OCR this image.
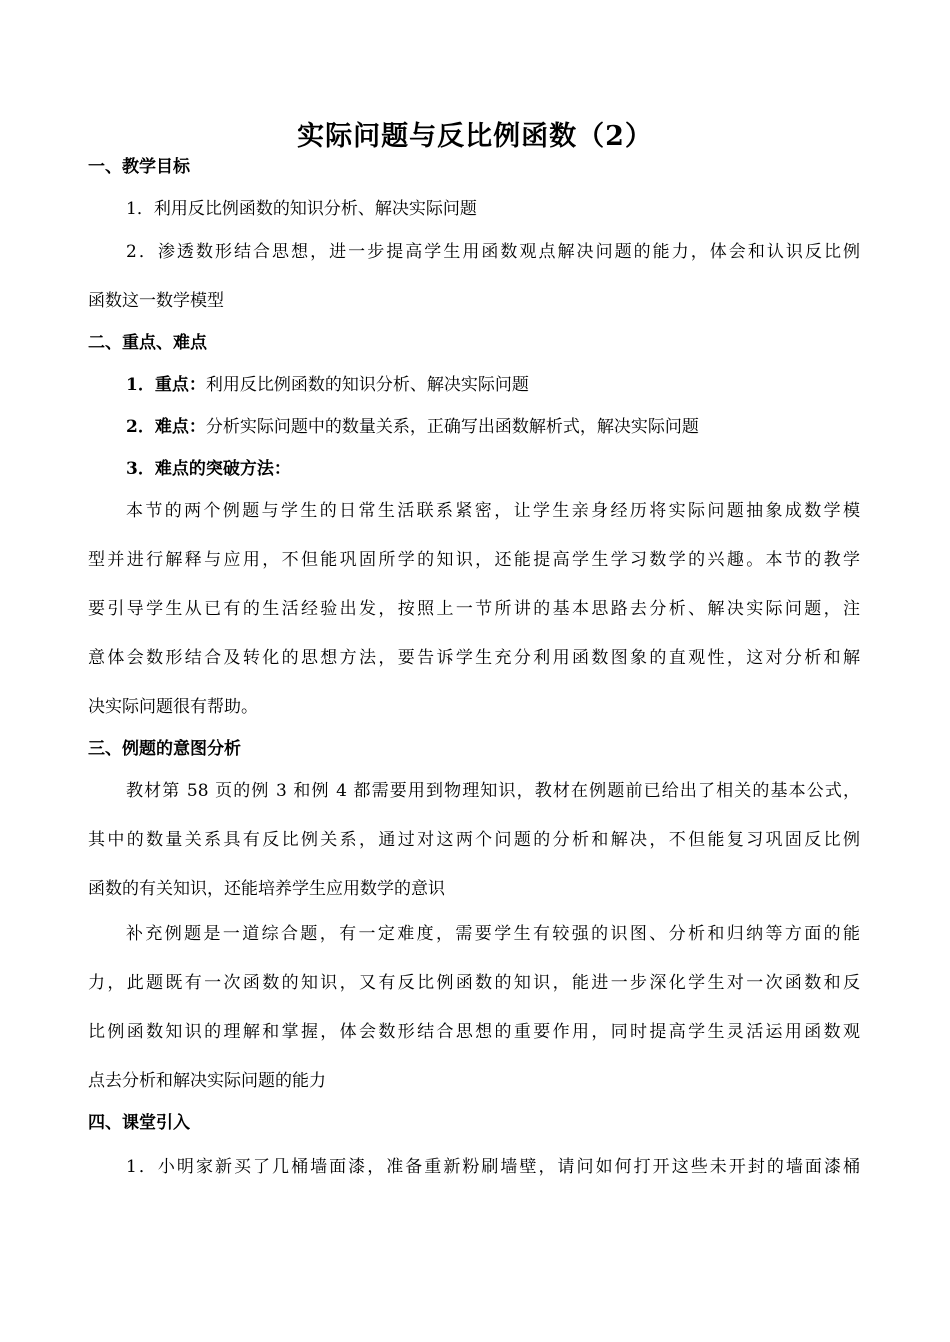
实际问题与反比例函数（2）
一、教学目标
1．利用反比例函数的知识分析、解决实际问题
2．渗透数形结合思想，进一步提高学生用函数观点解决问题的能力，体会和认识反比例
函数这一数学模型
二、重点、难点
1．重点：利用反比例函数的知识分析、解决实际问题
2．难点：分析实际问题中的数量关系，正确写出函数解析式，解决实际问题
3．难点的突破方法：
本节的两个例题与学生的日常生活联系紧密，让学生亲身经历将实际问题抽象成数学模
型并进行解释与应用，不但能巩固所学的知识，还能提高学生学习数学的兴趣。本节的教学
要引导学生从已有的生活经验出发，按照上一节所讲的基本思路去分析、解决实际问题，注
意体会数形结合及转化的思想方法，要告诉学生充分利用函数图象的直观性，这对分析和解
决实际问题很有帮助。
三、例题的意图分析
教材第 58 页的例 3 和例 4 都需要用到物理知识，教材在例题前已给出了相关的基本公式，
其中的数量关系具有反比例关系，通过对这两个问题的分析和解决，不但能复习巩固反比例
函数的有关知识，还能培养学生应用数学的意识
补充例题是一道综合题，有一定难度，需要学生有较强的识图、分析和归纳等方面的能
力，此题既有一次函数的知识，又有反比例函数的知识，能进一步深化学生对一次函数和反
比例函数知识的理解和掌握，体会数形结合思想的重要作用，同时提高学生灵活运用函数观
点去分析和解决实际问题的能力
四、课堂引入
1．小明家新买了几桶墙面漆，准备重新粉刷墙壁，请问如何打开这些未开封的墙面漆桶
